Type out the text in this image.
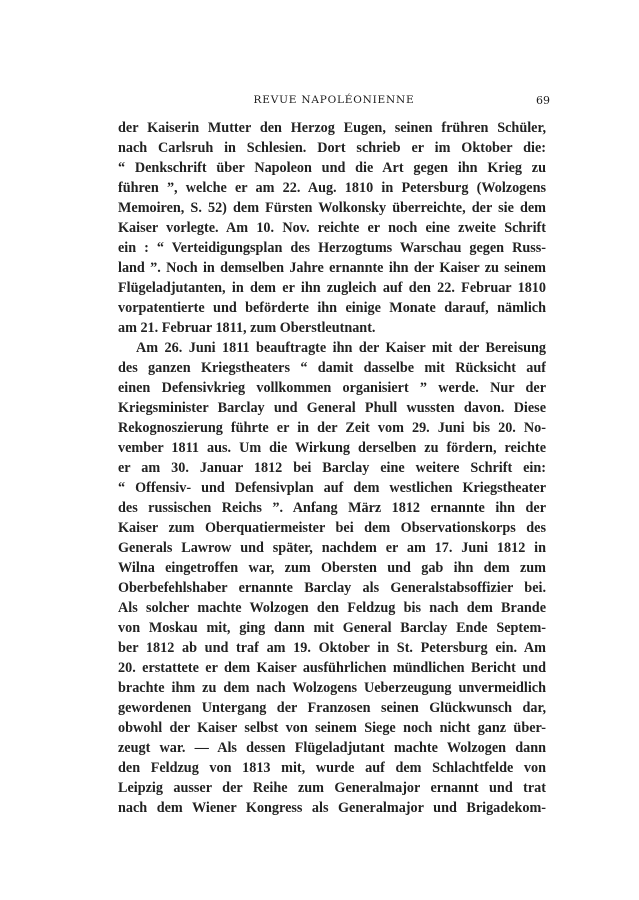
REVUE NAPOLÉONIENNE	69
der Kaiserin Mutter den Herzog Eugen, seinen frühren Schüler,
nach Carlsruh in Schlesien. Dort schrieb er im Oktober die:
“ Denkschrift über Napoleon und die Art gegen ihn Krieg zu
führen ”, welche er am 22. Aug. 1810 in Petersburg (Wolzogens
Memoiren, S. 52) dem Fürsten Wolkonsky überreichte, der sie dem
Kaiser vorlegte. Am 10. Nov. reichte er noch eine zweite Schrift
ein : “ Verteidigungsplan des Herzogtums Warschau gegen Russ-
land ”. Noch in demselben Jahre ernannte ihn der Kaiser zu seinem
Flügeladjutanten, in dem er ihn zugleich auf den 22. Februar 1810
vorpatentierte und beförderte ihn einige Monate darauf, nämlich
am 21. Februar 1811, zum Oberstleutnant.
Am 26. Juni 1811 beauftragte ihn der Kaiser mit der Bereisung
des ganzen Kriegstheaters “ damit dasselbe mit Rücksicht auf
einen Defensivkrieg vollkommen organisiert ” werde. Nur der
Kriegsminister Barclay und General Phull wussten davon. Diese
Rekognoszierung führte er in der Zeit vom 29. Juni bis 20. No-
vember 1811 aus. Um die Wirkung derselben zu fördern, reichte
er am 30. Januar 1812 bei Barclay eine weitere Schrift ein:
“ Offensiv- und Defensivplan auf dem westlichen Kriegstheater
des russischen Reichs ”. Anfang März 1812 ernannte ihn der
Kaiser zum Oberquatiermeister bei dem Observationskorps des
Generals Lawrow und später, nachdem er am 17. Juni 1812 in
Wilna eingetroffen war, zum Obersten und gab ihn dem zum
Oberbefehlshaber ernannte Barclay als Generalstabsoffizier bei.
Als solcher machte Wolzogen den Feldzug bis nach dem Brande
von Moskau mit, ging dann mit General Barclay Ende Septem-
ber 1812 ab und traf am 19. Oktober in St. Petersburg ein. Am
20. erstattete er dem Kaiser ausführlichen mündlichen Bericht und
brachte ihm zu dem nach Wolzogens Ueberzeugung unvermeidlich
gewordenen Untergang der Franzosen seinen Glückwunsch dar,
obwohl der Kaiser selbst von seinem Siege noch nicht ganz über-
zeugt war. — Als dessen Flügeladjutant machte Wolzogen dann
den Feldzug von 1813 mit, wurde auf dem Schlachtfelde von
Leipzig ausser der Reihe zum Generalmajor ernannt und trat
nach dem Wiener Kongress als Generalmajor und Brigadekom-
